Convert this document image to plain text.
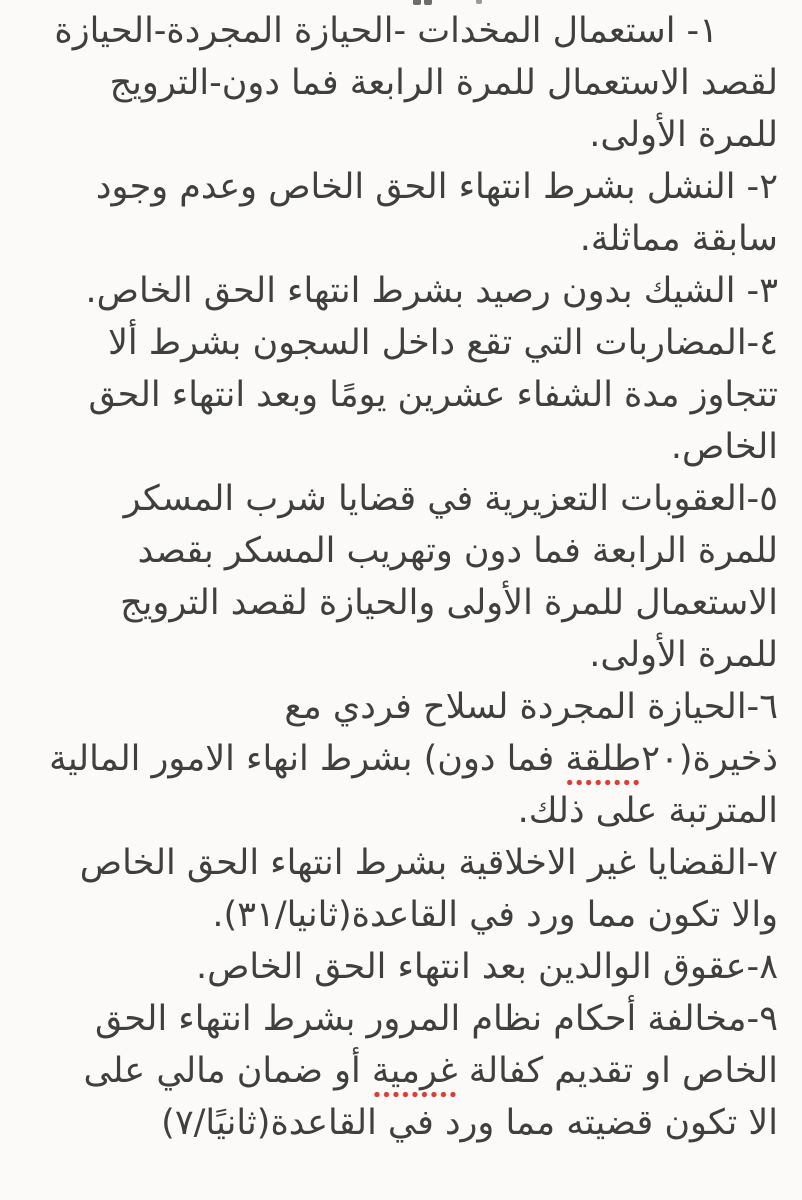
١- استعمال المخدات -الحيازة المجردة-الحيازة
لقصد الاستعمال للمرة الرابعة فما دون-الترويج
للمرة الأولى.
٢- النشل بشرط انتهاء الحق الخاص وعدم وجود
سابقة مماثلة.
٣- الشيك بدون رصيد بشرط انتهاء الحق الخاص.
٤-المضاربات التي تقع داخل السجون بشرط ألا
تتجاوز مدة الشفاء عشرين يومًا وبعد انتهاء الحق
الخاص.
٥-العقوبات التعزيرية في قضايا شرب المسكر
للمرة الرابعة فما دون وتهريب المسكر بقصد
الاستعمال للمرة الأولى والحيازة لقصد الترويج
للمرة الأولى.
٦-الحيازة المجردة لسلاح فردي مع
ذخيرة(٢٠طلقة فما دون) بشرط انهاء الامور المالية
المترتبة على ذلك.
٧-القضايا غير الاخلاقية بشرط انتهاء الحق الخاص
والا تكون مما ورد في القاعدة(ثانيا/٣١).
٨-عقوق الوالدين بعد انتهاء الحق الخاص.
٩-مخالفة أحكام نظام المرور بشرط انتهاء الحق
الخاص او تقديم كفالة غرمية أو ضمان مالي على
الا تكون قضيته مما ورد في القاعدة(ثانيًا/٧)
